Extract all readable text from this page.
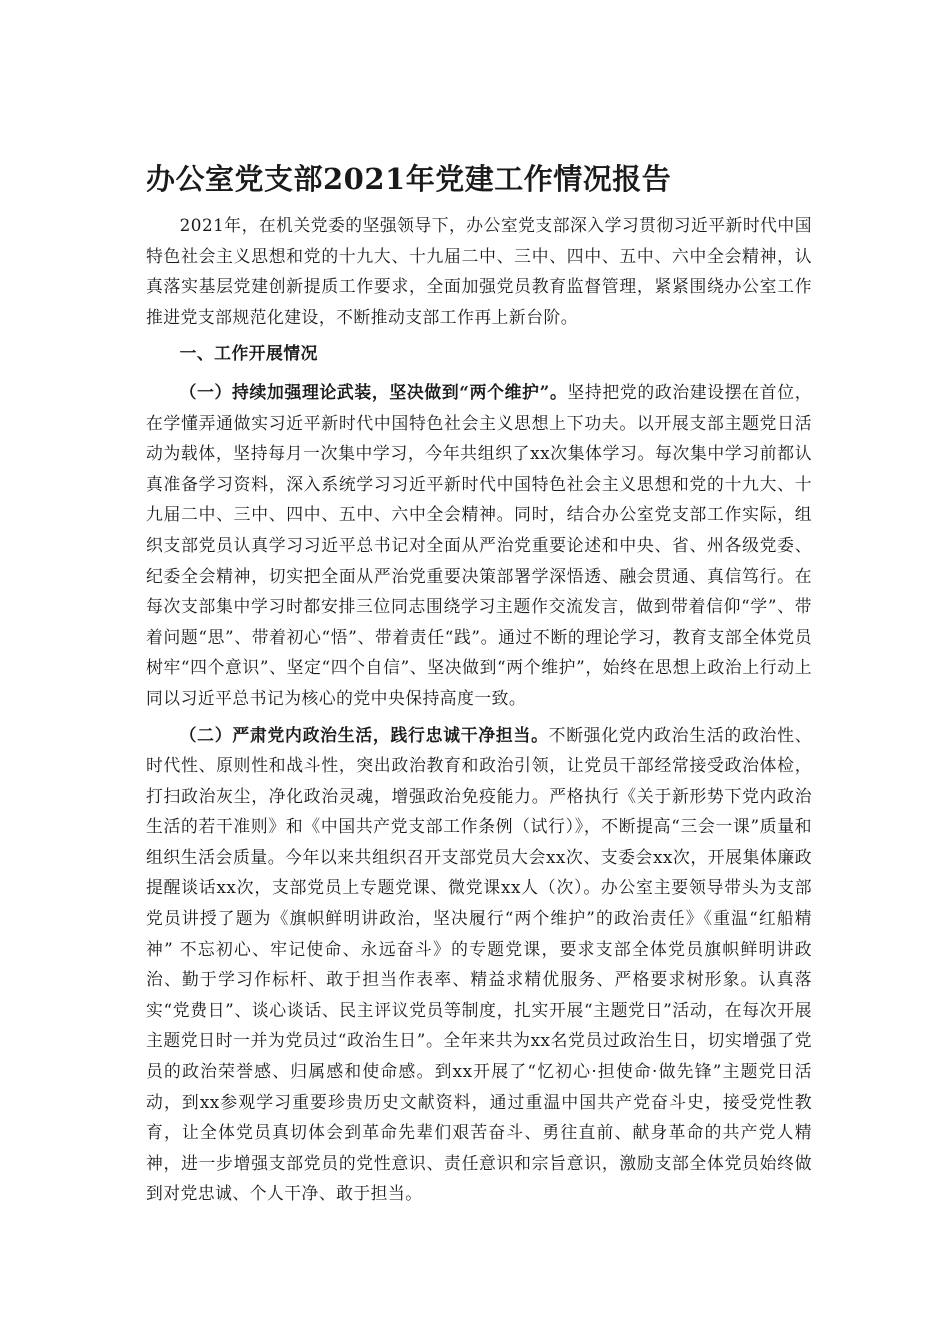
办公室党支部2021年党建工作情况报告

2021年，在机关党委的坚强领导下，办公室党支部深入学习贯彻习近平新时代中国特色社会主义思想和党的十九大、十九届二中、三中、四中、五中、六中全会精神，认真落实基层党建创新提质工作要求，全面加强党员教育监督管理，紧紧围绕办公室工作推进党支部规范化建设，不断推动支部工作再上新台阶。

一、工作开展情况

（一）持续加强理论武装，坚决做到“两个维护”。坚持把党的政治建设摆在首位，在学懂弄通做实习近平新时代中国特色社会主义思想上下功夫。以开展支部主题党日活动为载体，坚持每月一次集中学习，今年共组织了xx次集体学习。每次集中学习前都认真准备学习资料，深入系统学习习近平新时代中国特色社会主义思想和党的十九大、十九届二中、三中、四中、五中、六中全会精神。同时，结合办公室党支部工作实际，组织支部党员认真学习习近平总书记对全面从严治党重要论述和中央、省、州各级党委、纪委全会精神，切实把全面从严治党重要决策部署学深悟透、融会贯通、真信笃行。在每次支部集中学习时都安排三位同志围绕学习主题作交流发言，做到带着信仰“学”、带着问题“思”、带着初心“悟”、带着责任“践”。通过不断的理论学习，教育支部全体党员树牢“四个意识”、坚定“四个自信”、坚决做到“两个维护”，始终在思想上政治上行动上同以习近平总书记为核心的党中央保持高度一致。

（二）严肃党内政治生活，践行忠诚干净担当。不断强化党内政治生活的政治性、时代性、原则性和战斗性，突出政治教育和政治引领，让党员干部经常接受政治体检，打扫政治灰尘，净化政治灵魂，增强政治免疫能力。严格执行《关于新形势下党内政治生活的若干准则》和《中国共产党支部工作条例（试行）》，不断提高“三会一课”质量和组织生活会质量。今年以来共组织召开支部党员大会xx次、支委会xx次，开展集体廉政提醒谈话xx次，支部党员上专题党课、微党课xx人（次）。办公室主要领导带头为支部党员讲授了题为《旗帜鲜明讲政治，坚决履行“两个维护”的政治责任》《重温“红船精神” 不忘初心、牢记使命、永远奋斗》的专题党课，要求支部全体党员旗帜鲜明讲政治、勤于学习作标杆、敢于担当作表率、精益求精优服务、严格要求树形象。认真落实“党费日”、谈心谈话、民主评议党员等制度，扎实开展“主题党日”活动，在每次开展主题党日时一并为党员过“政治生日”。全年来共为xx名党员过政治生日，切实增强了党员的政治荣誉感、归属感和使命感。到xx开展了“忆初心·担使命·做先锋”主题党日活动，到xx参观学习重要珍贵历史文献资料，通过重温中国共产党奋斗史，接受党性教育，让全体党员真切体会到革命先辈们艰苦奋斗、勇往直前、献身革命的共产党人精神，进一步增强支部党员的党性意识、责任意识和宗旨意识，激励支部全体党员始终做到对党忠诚、个人干净、敢于担当。
